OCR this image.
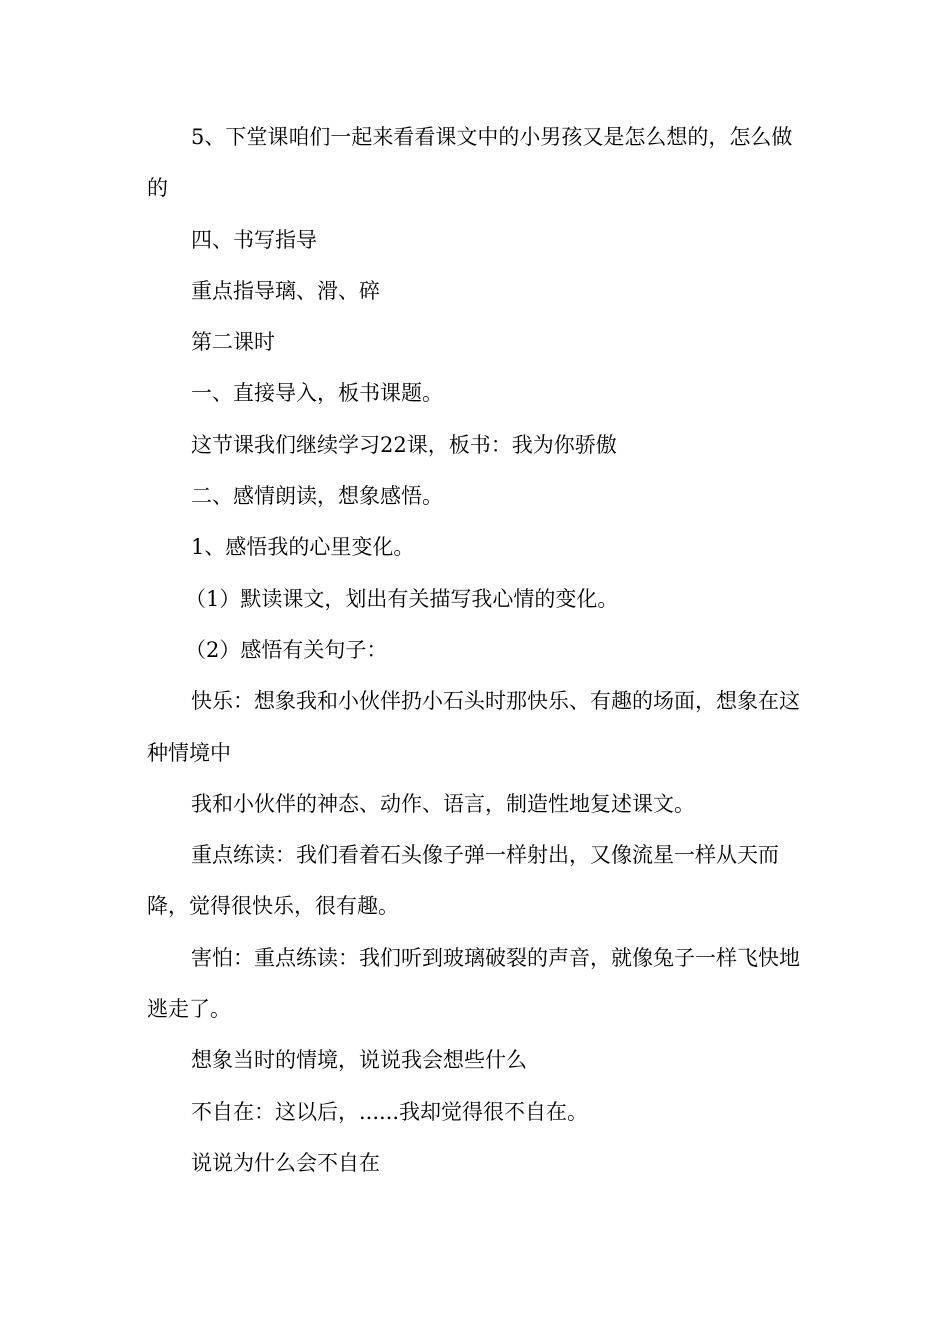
5、下堂课咱们一起来看看课文中的小男孩又是怎么想的，怎么做的

四、书写指导

重点指导璃、滑、碎

第二课时

一、直接导入，板书课题。

这节课我们继续学习22课，板书：我为你骄傲

二、感情朗读，想象感悟。

1、感悟我的心里变化。

（1）默读课文，划出有关描写我心情的变化。

（2）感悟有关句子：

快乐：想象我和小伙伴扔小石头时那快乐、有趣的场面，想象在这种情境中

我和小伙伴的神态、动作、语言，制造性地复述课文。

重点练读：我们看着石头像子弹一样射出，又像流星一样从天而降，觉得很快乐，很有趣。

害怕：重点练读：我们听到玻璃破裂的声音，就像兔子一样飞快地逃走了。

想象当时的情境，说说我会想些什么

不自在：这以后，......我却觉得很不自在。

说说为什么会不自在
